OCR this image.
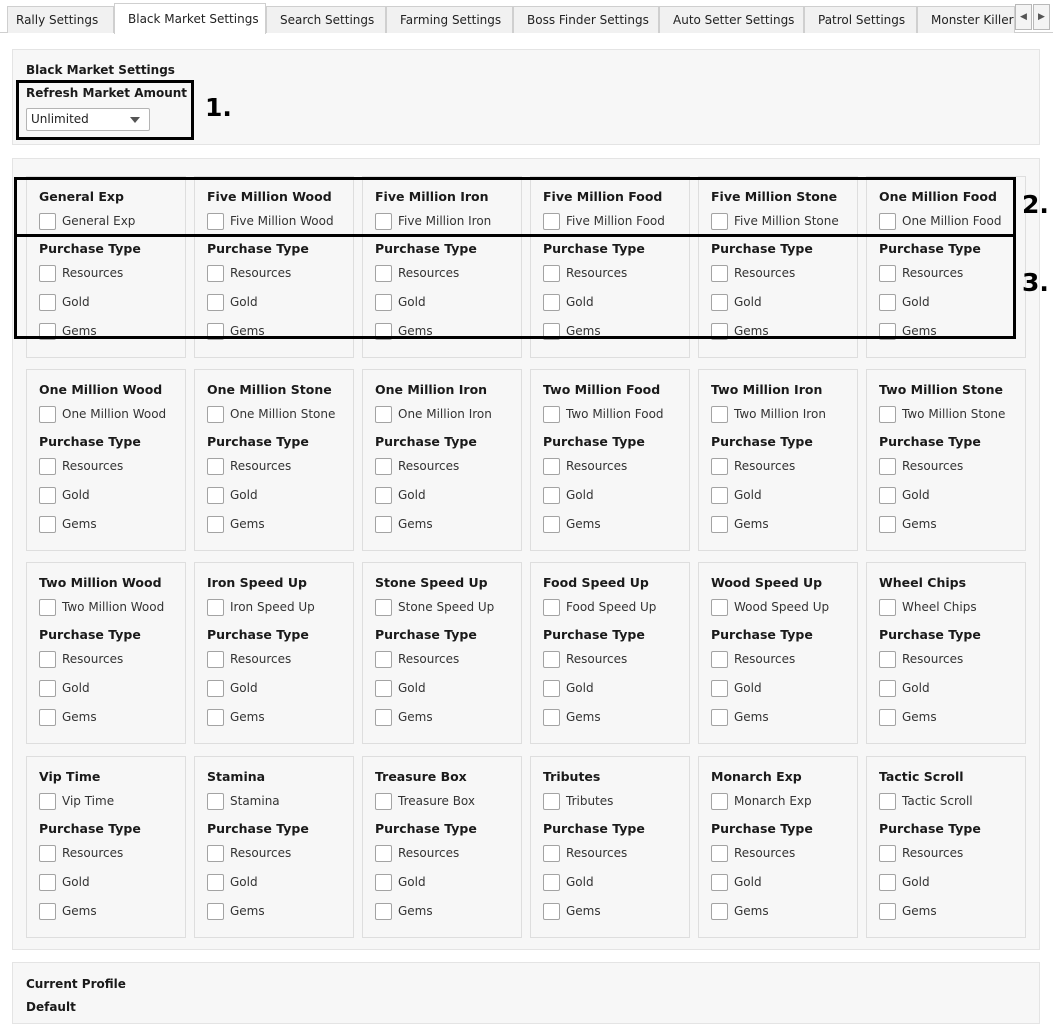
Rally Settings	Black Market Settings	Search Settings	Farming Settings	Boss Finder Settings	Auto Setter Settings	Patrol Settings	Monster Killer ◀	▶
Black Market Settings
Refresh Market Amount
Unlimited
General Exp
General Exp
Purchase Type
Resources
Gold
Gems
Five Million Wood
Five Million Wood
Purchase Type
Resources
Gold
Gems
Five Million Iron
Five Million Iron
Purchase Type
Resources
Gold
Gems
Five Million Food
Five Million Food
Purchase Type
Resources
Gold
Gems
Five Million Stone
Five Million Stone
Purchase Type
Resources
Gold
Gems
One Million Food
One Million Food
Purchase Type
Resources
Gold
Gems
One Million Wood
One Million Wood
Purchase Type
Resources
Gold
Gems
One Million Stone
One Million Stone
Purchase Type
Resources
Gold
Gems
One Million Iron
One Million Iron
Purchase Type
Resources
Gold
Gems
Two Million Food
Two Million Food
Purchase Type
Resources
Gold
Gems
Two Million Iron
Two Million Iron
Purchase Type
Resources
Gold
Gems
Two Million Stone
Two Million Stone
Purchase Type
Resources
Gold
Gems
Two Million Wood
Two Million Wood
Purchase Type
Resources
Gold
Gems
Iron Speed Up
Iron Speed Up
Purchase Type
Resources
Gold
Gems
Stone Speed Up
Stone Speed Up
Purchase Type
Resources
Gold
Gems
Food Speed Up
Food Speed Up
Purchase Type
Resources
Gold
Gems
Wood Speed Up
Wood Speed Up
Purchase Type
Resources
Gold
Gems
Wheel Chips
Wheel Chips
Purchase Type
Resources
Gold
Gems
Vip Time
Vip Time
Purchase Type
Resources
Gold
Gems
Stamina
Stamina
Purchase Type
Resources
Gold
Gems
Treasure Box
Treasure Box
Purchase Type
Resources
Gold
Gems
Tributes
Tributes
Purchase Type
Resources
Gold
Gems
Monarch Exp
Monarch Exp
Purchase Type
Resources
Gold
Gems
Tactic Scroll
Tactic Scroll
Purchase Type
Resources
Gold
Gems
Current Profile
Default
1.
2.
3.
